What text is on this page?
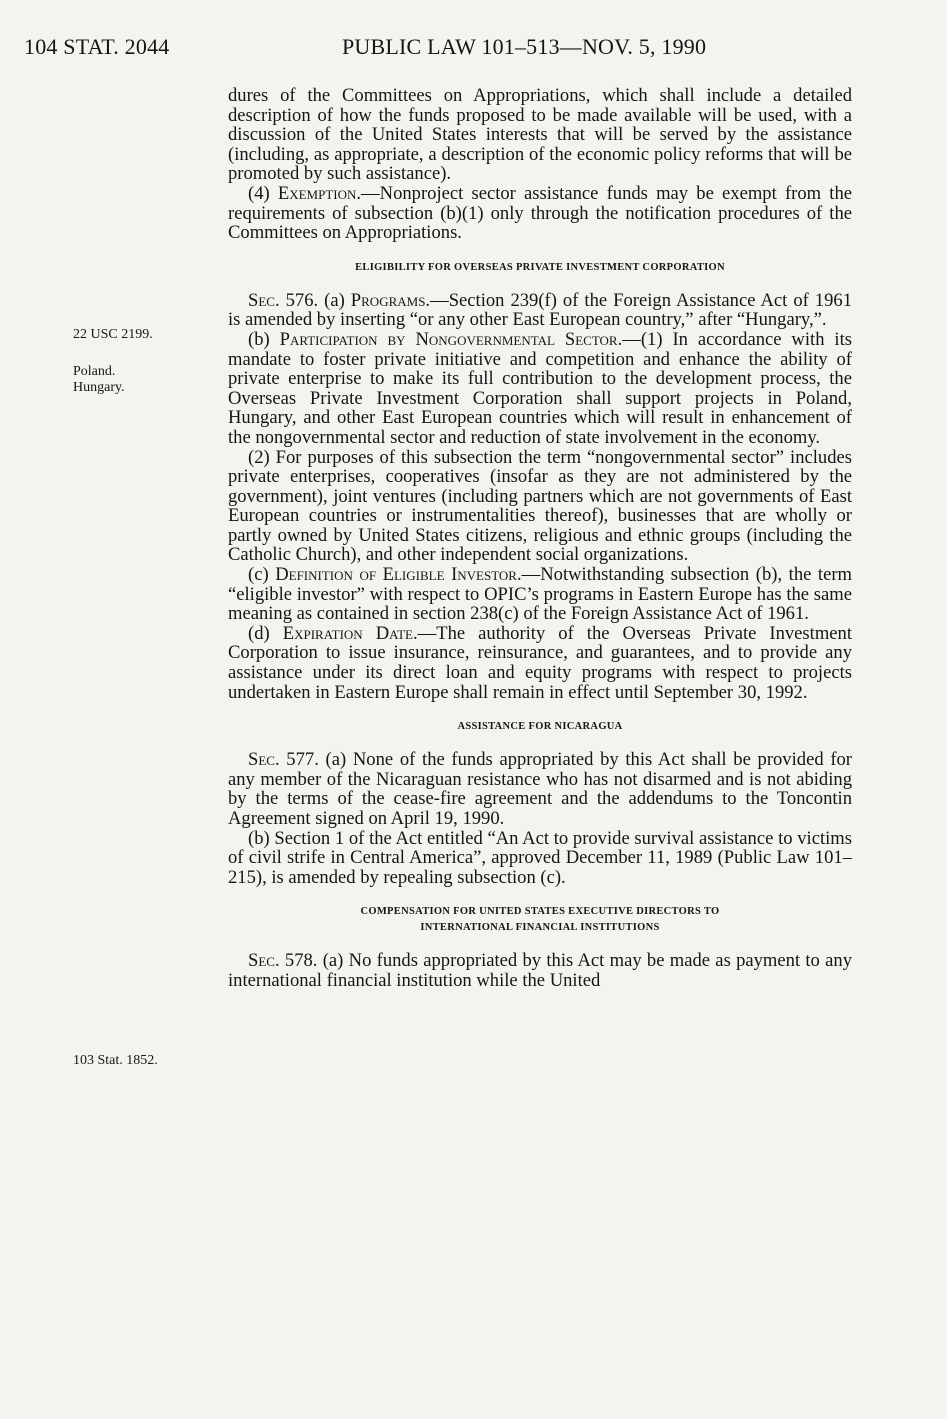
104 STAT. 2044	PUBLIC LAW 101–513—NOV. 5, 1990
22 USC 2199.
Poland.
Hungary.
103 Stat. 1852.

dures of the Committees on Appropriations, which shall include a detailed description of how the funds proposed to be made available will be used, with a discussion of the United States interests that will be served by the assistance (including, as appropriate, a description of the economic policy reforms that will be promoted by such assistance).

(4) Exemption.—Nonproject sector assistance funds may be exempt from the requirements of subsection (b)(1) only through the notification procedures of the Committees on Appropriations.

ELIGIBILITY FOR OVERSEAS PRIVATE INVESTMENT CORPORATION

Sec. 576. (a) Programs.—Section 239(f) of the Foreign Assistance Act of 1961 is amended by inserting “or any other East European country,” after “Hungary,”.

(b) Participation by Nongovernmental Sector.—(1) In accordance with its mandate to foster private initiative and competition and enhance the ability of private enterprise to make its full contribution to the development process, the Overseas Private Investment Corporation shall support projects in Poland, Hungary, and other East European countries which will result in enhancement of the nongovernmental sector and reduction of state involvement in the economy.

(2) For purposes of this subsection the term “nongovernmental sector” includes private enterprises, cooperatives (insofar as they are not administered by the government), joint ventures (including partners which are not governments of East European countries or instrumentalities thereof), businesses that are wholly or partly owned by United States citizens, religious and ethnic groups (including the Catholic Church), and other independent social organizations.

(c) Definition of Eligible Investor.—Notwithstanding subsection (b), the term “eligible investor” with respect to OPIC’s programs in Eastern Europe has the same meaning as contained in section 238(c) of the Foreign Assistance Act of 1961.

(d) Expiration Date.—The authority of the Overseas Private Investment Corporation to issue insurance, reinsurance, and guarantees, and to provide any assistance under its direct loan and equity programs with respect to projects undertaken in Eastern Europe shall remain in effect until September 30, 1992.

ASSISTANCE FOR NICARAGUA

Sec. 577. (a) None of the funds appropriated by this Act shall be provided for any member of the Nicaraguan resistance who has not disarmed and is not abiding by the terms of the cease-fire agreement and the addendums to the Toncontin Agreement signed on April 19, 1990.

(b) Section 1 of the Act entitled “An Act to provide survival assistance to victims of civil strife in Central America”, approved December 11, 1989 (Public Law 101–215), is amended by repealing subsection (c).

COMPENSATION FOR UNITED STATES EXECUTIVE DIRECTORS TO

INTERNATIONAL FINANCIAL INSTITUTIONS

Sec. 578. (a) No funds appropriated by this Act may be made as payment to any international financial institution while the United
